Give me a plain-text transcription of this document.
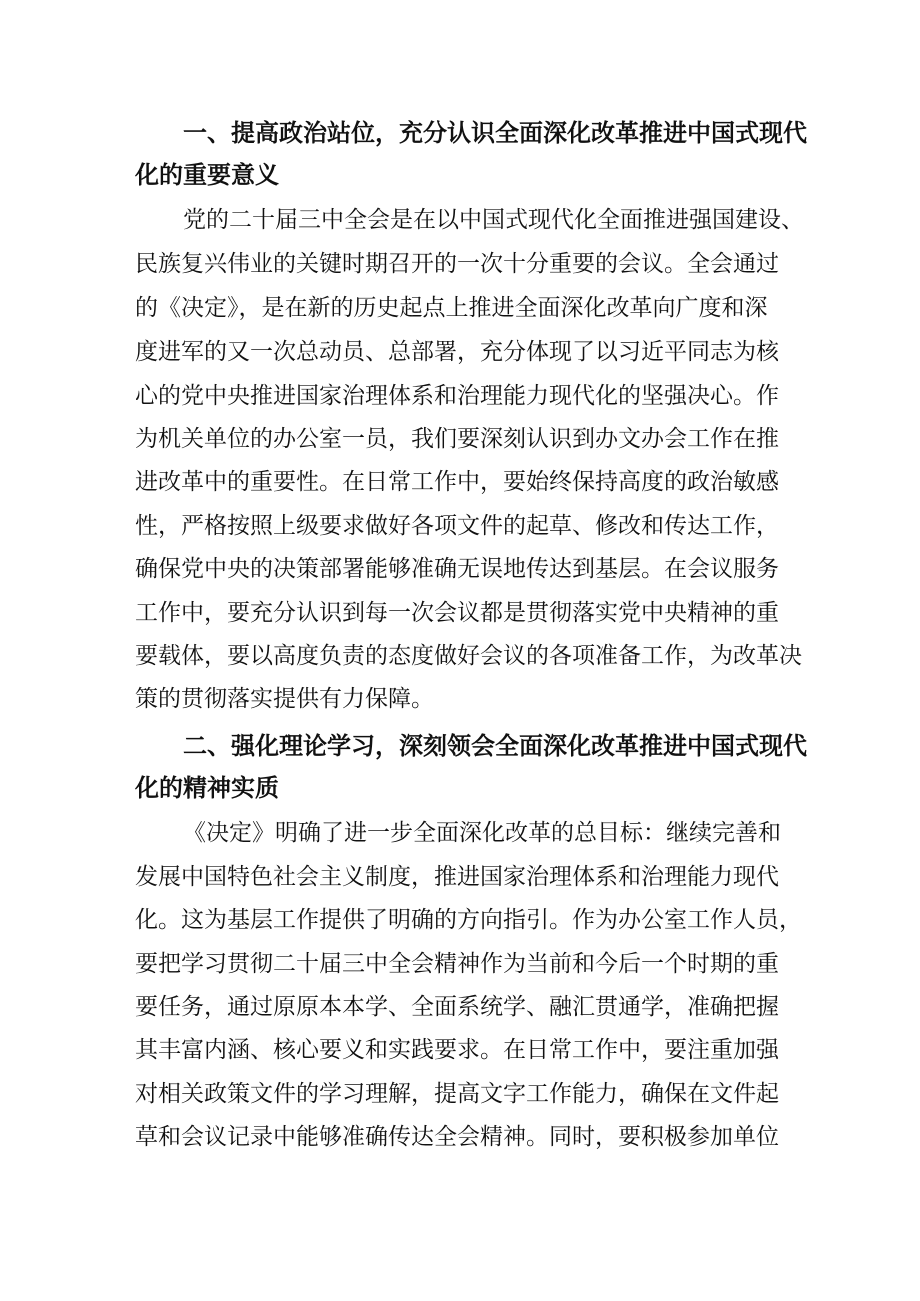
一、提高政治站位，充分认识全面深化改革推进中国式现代
化的重要意义
党的二十届三中全会是在以中国式现代化全面推进强国建设、
民族复兴伟业的关键时期召开的一次十分重要的会议。全会通过
的《决定》，是在新的历史起点上推进全面深化改革向广度和深
度进军的又一次总动员、总部署，充分体现了以习近平同志为核
心的党中央推进国家治理体系和治理能力现代化的坚强决心。作
为机关单位的办公室一员，我们要深刻认识到办文办会工作在推
进改革中的重要性。在日常工作中，要始终保持高度的政治敏感
性，严格按照上级要求做好各项文件的起草、修改和传达工作，
确保党中央的决策部署能够准确无误地传达到基层。在会议服务
工作中，要充分认识到每一次会议都是贯彻落实党中央精神的重
要载体，要以高度负责的态度做好会议的各项准备工作，为改革决
策的贯彻落实提供有力保障。
二、强化理论学习，深刻领会全面深化改革推进中国式现代
化的精神实质
《决定》明确了进一步全面深化改革的总目标：继续完善和
发展中国特色社会主义制度，推进国家治理体系和治理能力现代
化。这为基层工作提供了明确的方向指引。作为办公室工作人员，
要把学习贯彻二十届三中全会精神作为当前和今后一个时期的重
要任务，通过原原本本学、全面系统学、融汇贯通学，准确把握
其丰富内涵、核心要义和实践要求。在日常工作中，要注重加强
对相关政策文件的学习理解，提高文字工作能力，确保在文件起
草和会议记录中能够准确传达全会精神。同时，要积极参加单位
